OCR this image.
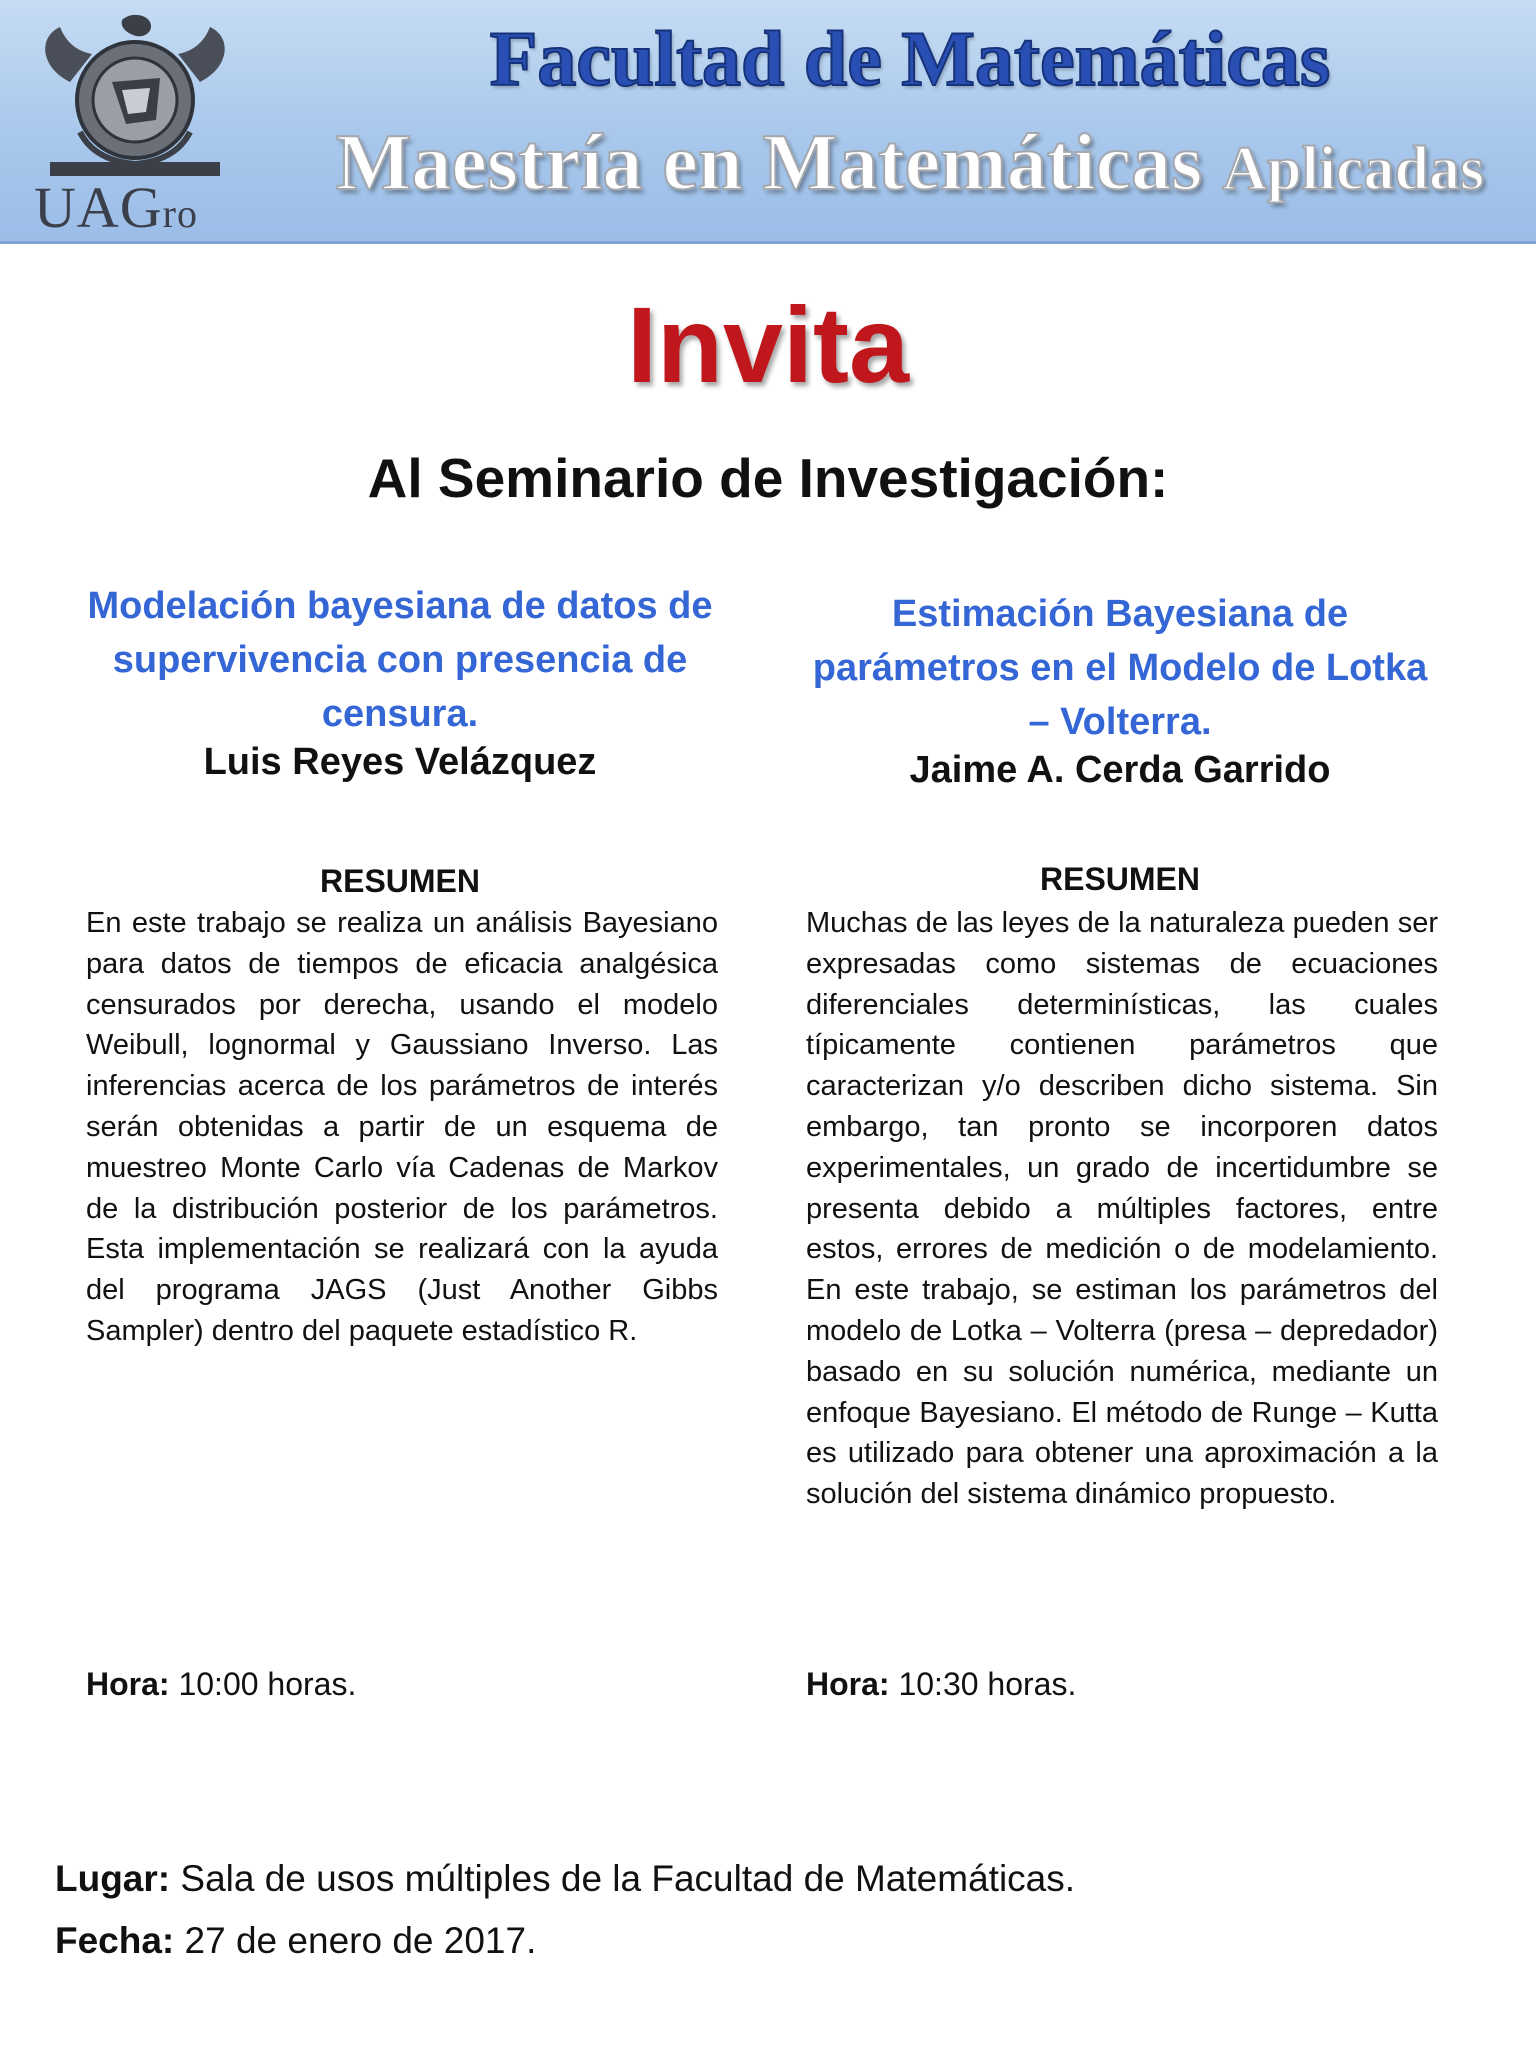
UAGro
Facultad de Matemáticas
Maestría en Matemáticas Aplicadas
Invita
Al Seminario de Investigación:
Modelación bayesiana de datos de supervivencia con presencia de censura.
Luis Reyes Velázquez
RESUMEN
En este trabajo se realiza un análisis Bayesiano para datos de tiempos de eficacia analgésica censurados por derecha, usando el modelo Weibull, lognormal y Gaussiano Inverso. Las inferencias acerca de los parámetros de interés serán obtenidas a partir de un esquema de muestreo Monte Carlo vía Cadenas de Markov de la distribución posterior de los parámetros. Esta implementación se realizará con la ayuda del programa JAGS (Just Another Gibbs Sampler) dentro del paquete estadístico R.
Hora: 10:00 horas.
Estimación Bayesiana de parámetros en el Modelo de Lotka – Volterra.
Jaime A. Cerda Garrido
RESUMEN
Muchas de las leyes de la naturaleza pueden ser expresadas como sistemas de ecuaciones diferenciales determinísticas, las cuales típicamente contienen parámetros que caracterizan y/o describen dicho sistema. Sin embargo, tan pronto se incorporen datos experimentales, un grado de incertidumbre se presenta debido a múltiples factores, entre estos, errores de medición o de modelamiento. En este trabajo, se estiman los parámetros del modelo de Lotka – Volterra (presa – depredador) basado en su solución numérica, mediante un enfoque Bayesiano. El método de Runge – Kutta es utilizado para obtener una aproximación a la solución del sistema dinámico propuesto.
Hora: 10:30 horas.
Lugar: Sala de usos múltiples de la Facultad de Matemáticas.
Fecha: 27 de enero de 2017.
